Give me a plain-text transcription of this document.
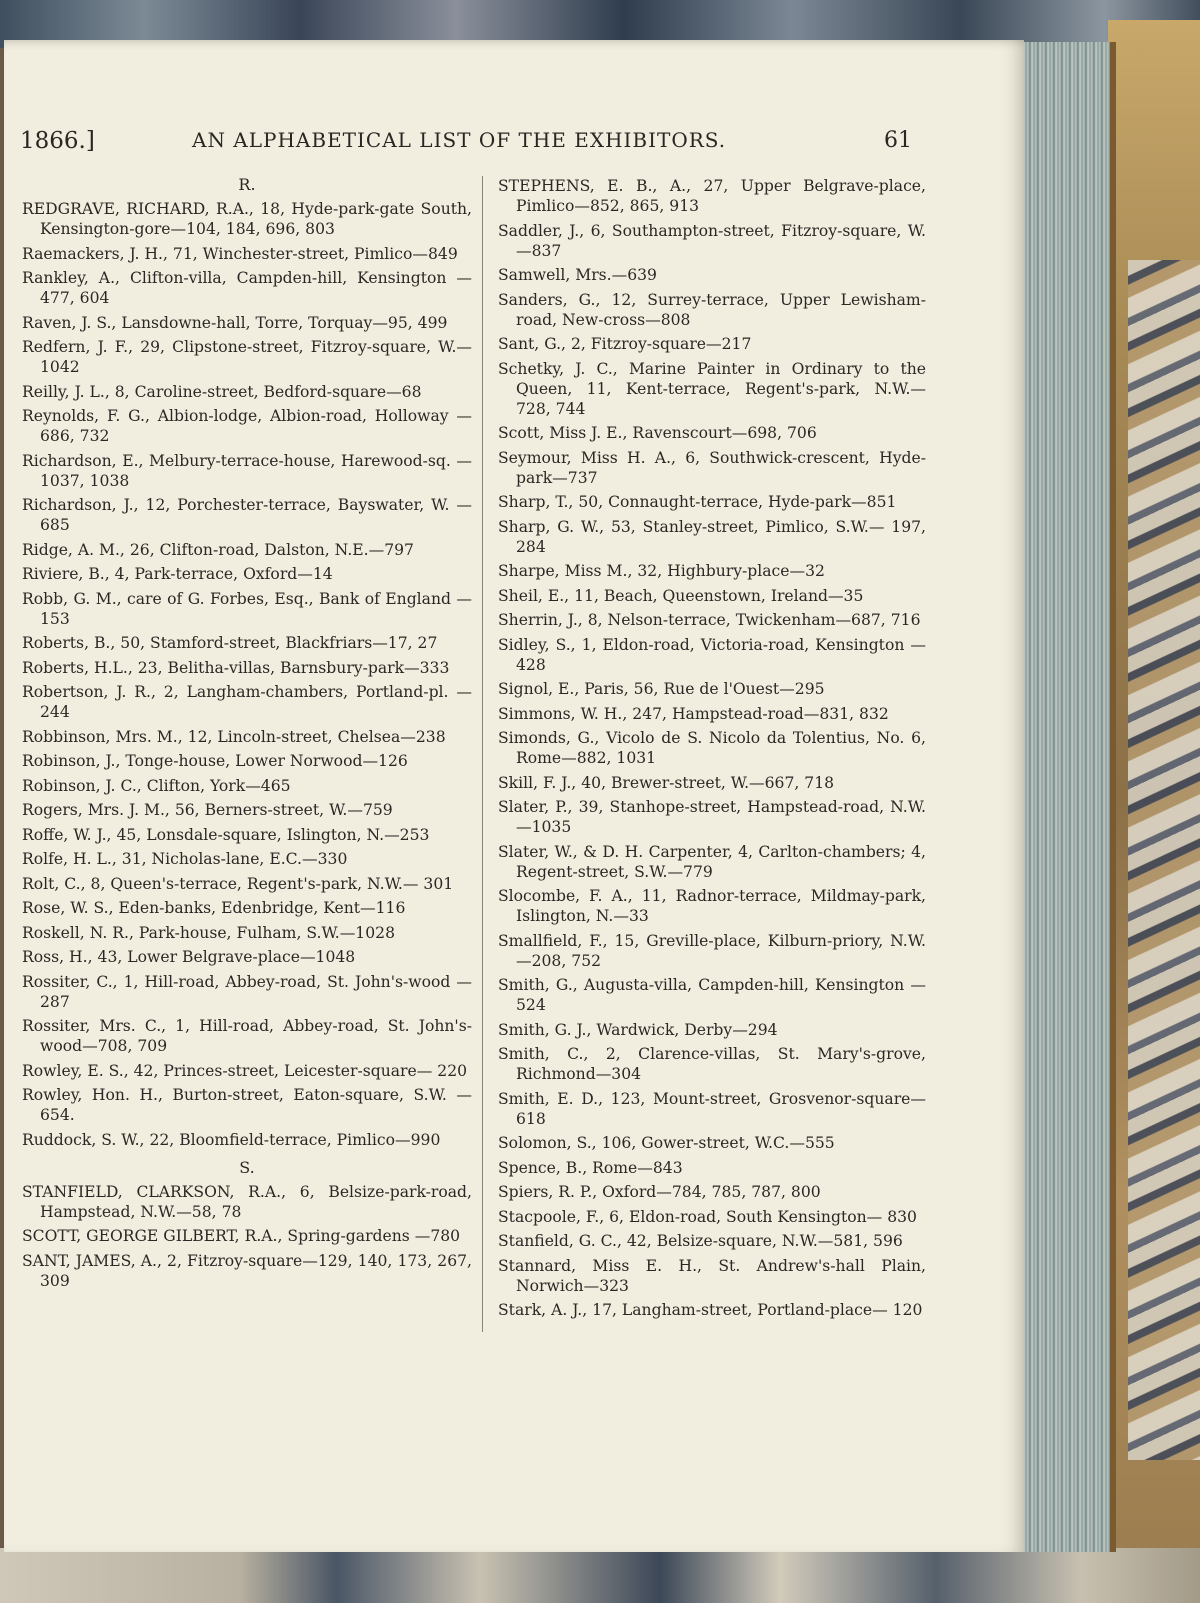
1866.]	AN ALPHABETICAL LIST OF THE EXHIBITORS.	61
R.
REDGRAVE, RICHARD, R.A., 18, Hyde-park-gate South, Kensington-gore—104, 184, 696, 803
Raemackers, J. H., 71, Winchester-street, Pimlico—849
Rankley, A., Clifton-villa, Campden-hill, Kensington —477, 604
Raven, J. S., Lansdowne-hall, Torre, Torquay—95, 499
Redfern, J. F., 29, Clipstone-street, Fitzroy-square, W.—1042
Reilly, J. L., 8, Caroline-street, Bedford-square—68
Reynolds, F. G., Albion-lodge, Albion-road, Holloway —686, 732
Richardson, E., Melbury-terrace-house, Harewood-sq. —1037, 1038
Richardson, J., 12, Porchester-terrace, Bayswater, W. —685
Ridge, A. M., 26, Clifton-road, Dalston, N.E.—797
Riviere, B., 4, Park-terrace, Oxford—14
Robb, G. M., care of G. Forbes, Esq., Bank of England —153
Roberts, B., 50, Stamford-street, Blackfriars—17, 27
Roberts, H.L., 23, Belitha-villas, Barnsbury-park—333
Robertson, J. R., 2, Langham-chambers, Portland-pl. —244
Robbinson, Mrs. M., 12, Lincoln-street, Chelsea—238
Robinson, J., Tonge-house, Lower Norwood—126
Robinson, J. C., Clifton, York—465
Rogers, Mrs. J. M., 56, Berners-street, W.—759
Roffe, W. J., 45, Lonsdale-square, Islington, N.—253
Rolfe, H. L., 31, Nicholas-lane, E.C.—330
Rolt, C., 8, Queen's-terrace, Regent's-park, N.W.— 301
Rose, W. S., Eden-banks, Edenbridge, Kent—116
Roskell, N. R., Park-house, Fulham, S.W.—1028
Ross, H., 43, Lower Belgrave-place—1048
Rossiter, C., 1, Hill-road, Abbey-road, St. John's-wood —287
Rossiter, Mrs. C., 1, Hill-road, Abbey-road, St. John's-wood—708, 709
Rowley, E. S., 42, Princes-street, Leicester-square— 220
Rowley, Hon. H., Burton-street, Eaton-square, S.W. —654.
Ruddock, S. W., 22, Bloomfield-terrace, Pimlico—990
S.
STANFIELD, CLARKSON, R.A., 6, Belsize-park-road, Hampstead, N.W.—58, 78
SCOTT, GEORGE GILBERT, R.A., Spring-gardens —780
SANT, JAMES, A., 2, Fitzroy-square—129, 140, 173, 267, 309
STEPHENS, E. B., A., 27, Upper Belgrave-place, Pimlico—852, 865, 913
Saddler, J., 6, Southampton-street, Fitzroy-square, W. —837
Samwell, Mrs.—639
Sanders, G., 12, Surrey-terrace, Upper Lewisham-road, New-cross—808
Sant, G., 2, Fitzroy-square—217
Schetky, J. C., Marine Painter in Ordinary to the Queen, 11, Kent-terrace, Regent's-park, N.W.— 728, 744
Scott, Miss J. E., Ravenscourt—698, 706
Seymour, Miss H. A., 6, Southwick-crescent, Hyde-park—737
Sharp, T., 50, Connaught-terrace, Hyde-park—851
Sharp, G. W., 53, Stanley-street, Pimlico, S.W.— 197, 284
Sharpe, Miss M., 32, Highbury-place—32
Sheil, E., 11, Beach, Queenstown, Ireland—35
Sherrin, J., 8, Nelson-terrace, Twickenham—687, 716
Sidley, S., 1, Eldon-road, Victoria-road, Kensington —428
Signol, E., Paris, 56, Rue de l'Ouest—295
Simmons, W. H., 247, Hampstead-road—831, 832
Simonds, G., Vicolo de S. Nicolo da Tolentius, No. 6, Rome—882, 1031
Skill, F. J., 40, Brewer-street, W.—667, 718
Slater, P., 39, Stanhope-street, Hampstead-road, N.W.—1035
Slater, W., & D. H. Carpenter, 4, Carlton-chambers; 4, Regent-street, S.W.—779
Slocombe, F. A., 11, Radnor-terrace, Mildmay-park, Islington, N.—33
Smallfield, F., 15, Greville-place, Kilburn-priory, N.W.—208, 752
Smith, G., Augusta-villa, Campden-hill, Kensington —524
Smith, G. J., Wardwick, Derby—294
Smith, C., 2, Clarence-villas, St. Mary's-grove, Richmond—304
Smith, E. D., 123, Mount-street, Grosvenor-square— 618
Solomon, S., 106, Gower-street, W.C.—555
Spence, B., Rome—843
Spiers, R. P., Oxford—784, 785, 787, 800
Stacpoole, F., 6, Eldon-road, South Kensington— 830
Stanfield, G. C., 42, Belsize-square, N.W.—581, 596
Stannard, Miss E. H., St. Andrew's-hall Plain, Norwich—323
Stark, A. J., 17, Langham-street, Portland-place— 120
